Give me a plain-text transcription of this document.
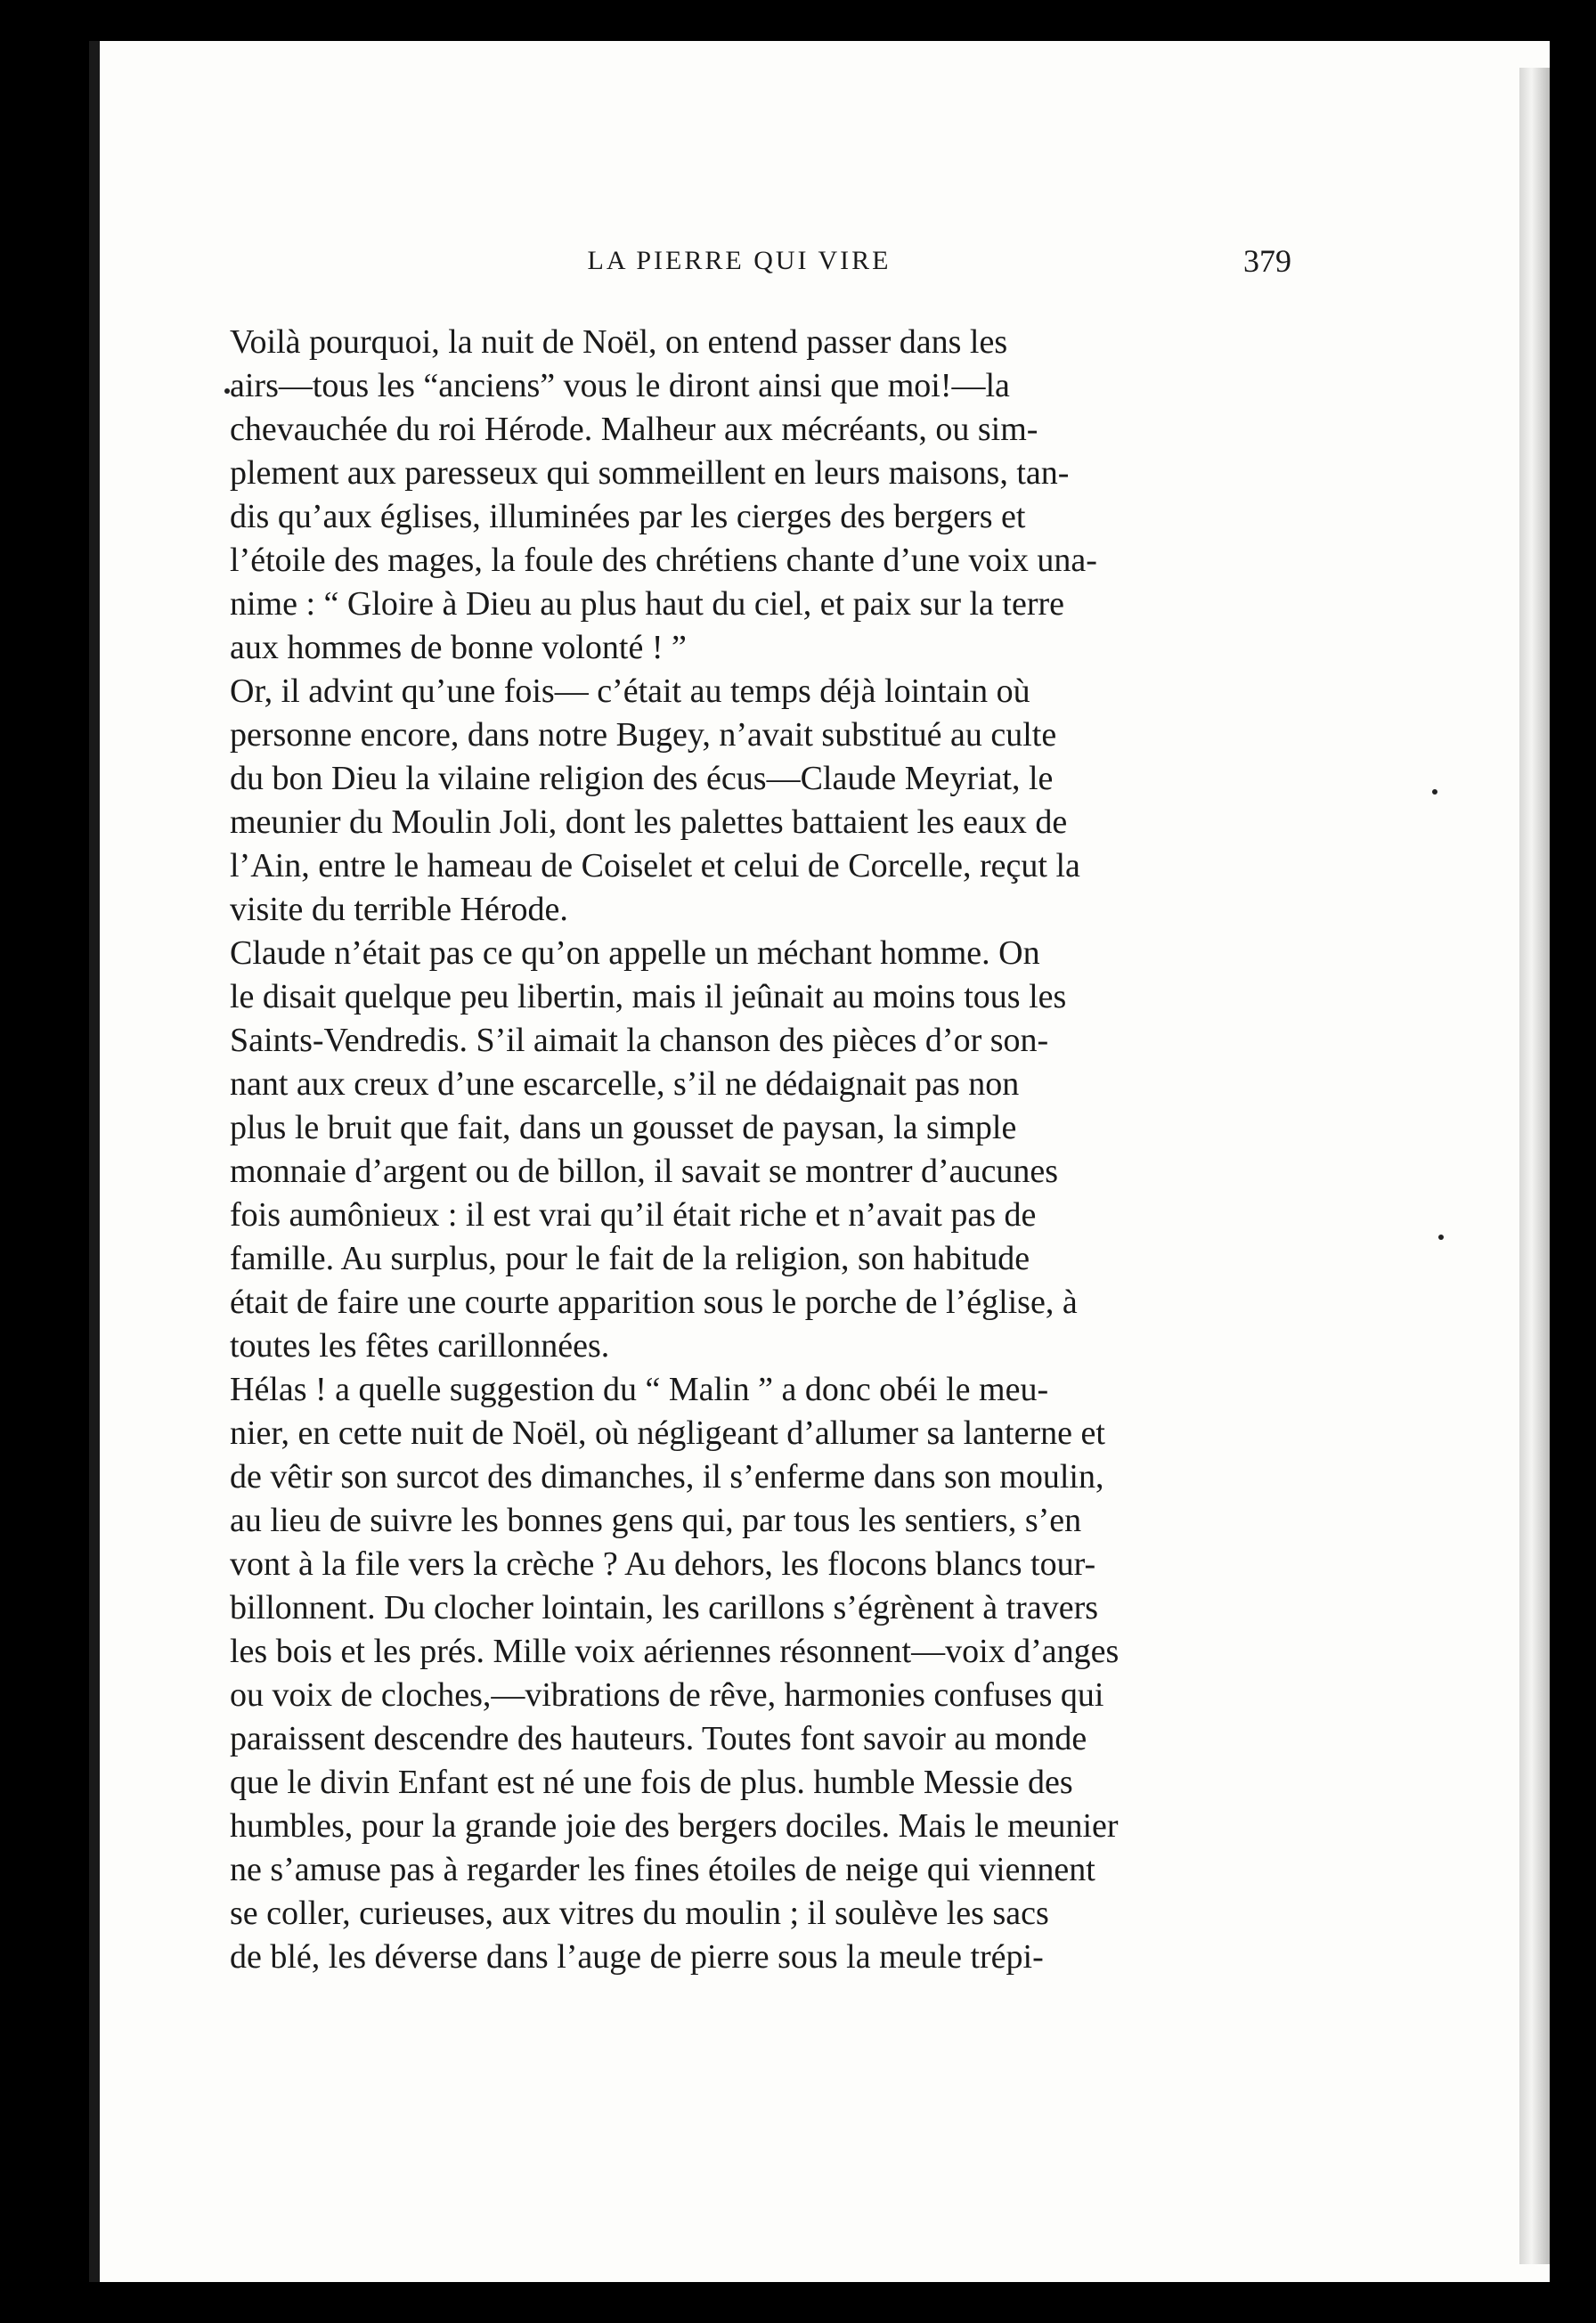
LA PIERRE QUI VIRE	379

Voilà pourquoi, la nuit de Noël, on entend passer dans les
airs—tous les “anciens” vous le diront ainsi que moi!—la
chevauchée du roi Hérode. Malheur aux mécréants, ou sim-
plement aux paresseux qui sommeillent en leurs maisons, tan-
dis qu’aux églises, illuminées par les cierges des bergers et
l’étoile des mages, la foule des chrétiens chante d’une voix una-
nime : “ Gloire à Dieu au plus haut du ciel, et paix sur la terre
aux hommes de bonne volonté ! ”

Or, il advint qu’une fois— c’était au temps déjà lointain où
personne encore, dans notre Bugey, n’avait substitué au culte
du bon Dieu la vilaine religion des écus—Claude Meyriat, le
meunier du Moulin Joli, dont les palettes battaient les eaux de
l’Ain, entre le hameau de Coiselet et celui de Corcelle, reçut la
visite du terrible Hérode.

Claude n’était pas ce qu’on appelle un méchant homme. On
le disait quelque peu libertin, mais il jeûnait au moins tous les
Saints-Vendredis. S’il aimait la chanson des pièces d’or son-
nant aux creux d’une escarcelle, s’il ne dédaignait pas non
plus le bruit que fait, dans un gousset de paysan, la simple
monnaie d’argent ou de billon, il savait se montrer d’aucunes
fois aumônieux : il est vrai qu’il était riche et n’avait pas de
famille. Au surplus, pour le fait de la religion, son habitude
était de faire une courte apparition sous le porche de l’église, à
toutes les fêtes carillonnées.

Hélas ! a quelle suggestion du “ Malin ” a donc obéi le meu-
nier, en cette nuit de Noël, où négligeant d’allumer sa lanterne et
de vêtir son surcot des dimanches, il s’enferme dans son moulin,
au lieu de suivre les bonnes gens qui, par tous les sentiers, s’en
vont à la file vers la crèche ? Au dehors, les flocons blancs tour-
billonnent. Du clocher lointain, les carillons s’égrènent à travers
les bois et les prés. Mille voix aériennes résonnent—voix d’anges
ou voix de cloches,—vibrations de rêve, harmonies confuses qui
paraissent descendre des hauteurs. Toutes font savoir au monde
que le divin Enfant est né une fois de plus. humble Messie des
humbles, pour la grande joie des bergers dociles. Mais le meunier
ne s’amuse pas à regarder les fines étoiles de neige qui viennent
se coller, curieuses, aux vitres du moulin ; il soulève les sacs
de blé, les déverse dans l’auge de pierre sous la meule trépi-
